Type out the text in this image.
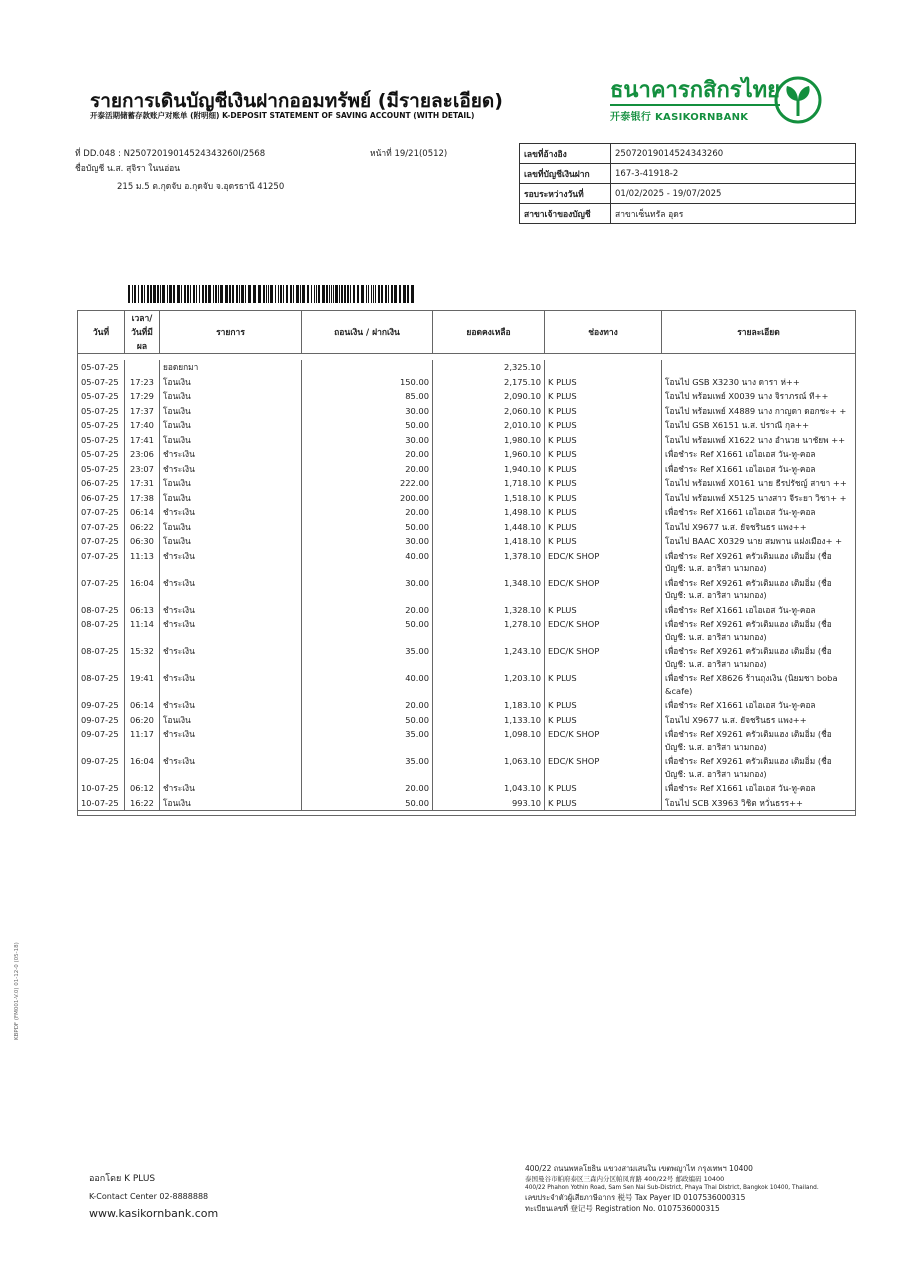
รายการเดินบัญชีเงินฝากออมทรัพย์ (มีรายละเอียด)
开泰活期储蓄存款账户对账单 (附明细) K-DEPOSIT STATEMENT OF SAVING ACCOUNT (WITH DETAIL)
ธนาคารกสิกรไทย
开泰银行 KASIKORNBANK
ที่ DD.048 : N2507201901452434326​0I/2568	หน้าที่ 19/21(0512)
ชื่อบัญชี น.ส. สุจิรา ในนอ่อน
215 ม.5 ต.กุดจับ อ.กุดจับ จ.อุดรธานี 41250
เลขที่อ้างอิง	250720190145243432​60
เลขที่บัญชีเงินฝาก	167-3-41918-2
รอบระหว่างวันที่	01/02/2025 - 19/07/2025
สาขาเจ้าของบัญชี	สาขาเซ็นทรัล อุดร
วันที่	เวลา/ วันที่มีผล	รายการ	ถอนเงิน / ฝากเงิน	ยอดคงเหลือ	ช่องทาง	รายละเอียด

05-07-25		ยอดยกมา		2,325.10		
05-07-25	17:23	โอนเงิน	150.00	2,175.10	K PLUS	โอนไป GSB X3230 นาง ดารา ห่++
05-07-25	17:29	โอนเงิน	85.00	2,090.10	K PLUS	โอนไป พร้อมเพย์ X0039 นาง จิราภรณ์ ที++
05-07-25	17:37	โอนเงิน	30.00	2,060.10	K PLUS	โอนไป พร้อมเพย์ X4889 นาง กาญดา ดอกชะ+ +
05-07-25	17:40	โอนเงิน	50.00	2,010.10	K PLUS	โอนไป GSB X6151 น.ส. ปราณี กุล++
05-07-25	17:41	โอนเงิน	30.00	1,980.10	K PLUS	โอนไป พร้อมเพย์ X1622 นาง อำนวย นาชัยพ ++
05-07-25	23:06	ชำระเงิน	20.00	1,960.10	K PLUS	เพื่อชำระ Ref X1661 เอไอเอส วัน-ทู-คอล
05-07-25	23:07	ชำระเงิน	20.00	1,940.10	K PLUS	เพื่อชำระ Ref X1661 เอไอเอส วัน-ทู-คอล
06-07-25	17:31	โอนเงิน	222.00	1,718.10	K PLUS	โอนไป พร้อมเพย์ X0161 นาย ธีรปรัชญ์ สาขา ++
06-07-25	17:38	โอนเงิน	200.00	1,518.10	K PLUS	โอนไป พร้อมเพย์ X5125 นางสาว จีระยา วิชา+ +
07-07-25	06:14	ชำระเงิน	20.00	1,498.10	K PLUS	เพื่อชำระ Ref X1661 เอไอเอส วัน-ทู-คอล
07-07-25	06:22	โอนเงิน	50.00	1,448.10	K PLUS	โอนไป X9677 น.ส. ยัจชรินธร แพง++
07-07-25	06:30	โอนเงิน	30.00	1,418.10	K PLUS	โอนไป BAAC X0329 นาย สมพาน แฝงเมือง+ +
07-07-25	11:13	ชำระเงิน	40.00	1,378.10	EDC/K SHOP	เพื่อชำระ Ref X9261 ครัวเติมแฮง เติมอิ่ม (ชื่อ บัญชี: น.ส. อาริสา นามกอง)
07-07-25	16:04	ชำระเงิน	30.00	1,348.10	EDC/K SHOP	เพื่อชำระ Ref X9261 ครัวเติมแฮง เติมอิ่ม (ชื่อ บัญชี: น.ส. อาริสา นามกอง)
08-07-25	06:13	ชำระเงิน	20.00	1,328.10	K PLUS	เพื่อชำระ Ref X1661 เอไอเอส วัน-ทู-คอล
08-07-25	11:14	ชำระเงิน	50.00	1,278.10	EDC/K SHOP	เพื่อชำระ Ref X9261 ครัวเติมแฮง เติมอิ่ม (ชื่อ บัญชี: น.ส. อาริสา นามกอง)
08-07-25	15:32	ชำระเงิน	35.00	1,243.10	EDC/K SHOP	เพื่อชำระ Ref X9261 ครัวเติมแฮง เติมอิ่ม (ชื่อ บัญชี: น.ส. อาริสา นามกอง)
08-07-25	19:41	ชำระเงิน	40.00	1,203.10	K PLUS	เพื่อชำระ Ref X8626 ร้านถุงเงิน (นิยมชา boba &cafe)
09-07-25	06:14	ชำระเงิน	20.00	1,183.10	K PLUS	เพื่อชำระ Ref X1661 เอไอเอส วัน-ทู-คอล
09-07-25	06:20	โอนเงิน	50.00	1,133.10	K PLUS	โอนไป X9677 น.ส. ยัจชรินธร แพง++
09-07-25	11:17	ชำระเงิน	35.00	1,098.10	EDC/K SHOP	เพื่อชำระ Ref X9261 ครัวเติมแฮง เติมอิ่ม (ชื่อ บัญชี: น.ส. อาริสา นามกอง)
09-07-25	16:04	ชำระเงิน	35.00	1,063.10	EDC/K SHOP	เพื่อชำระ Ref X9261 ครัวเติมแฮง เติมอิ่ม (ชื่อ บัญชี: น.ส. อาริสา นามกอง)
10-07-25	06:12	ชำระเงิน	20.00	1,043.10	K PLUS	เพื่อชำระ Ref X1661 เอไอเอส วัน-ทู-คอล
10-07-25	16:22	โอนเงิน	50.00	993.10	K PLUS	โอนไป SCB X3963 วิชิต หวั่นธรร++

KBPDF (FM001-V.0) 01-12-0 (05-18)
ออกโดย K PLUS
K-Contact Center 02-8888888
www.kasikornbank.com
400/22 ถนนพหลโยธิน แขวงสามเสนใน เขตพญาไท กรุงเทพฯ 10400
泰国曼谷市帕府泰区三森内分区帕凤育路 400/22号 邮政编码 10400
400/22 Phahon Yothin Road, Sam Sen Nai Sub-District, Phaya Thai District, Bangkok 10400, Thailand.
เลขประจำตัวผู้เสียภาษีอากร 税号 Tax Payer ID 0107536000315
ทะเบียนเลขที่ 登记号 Registration No. 0107536000315
